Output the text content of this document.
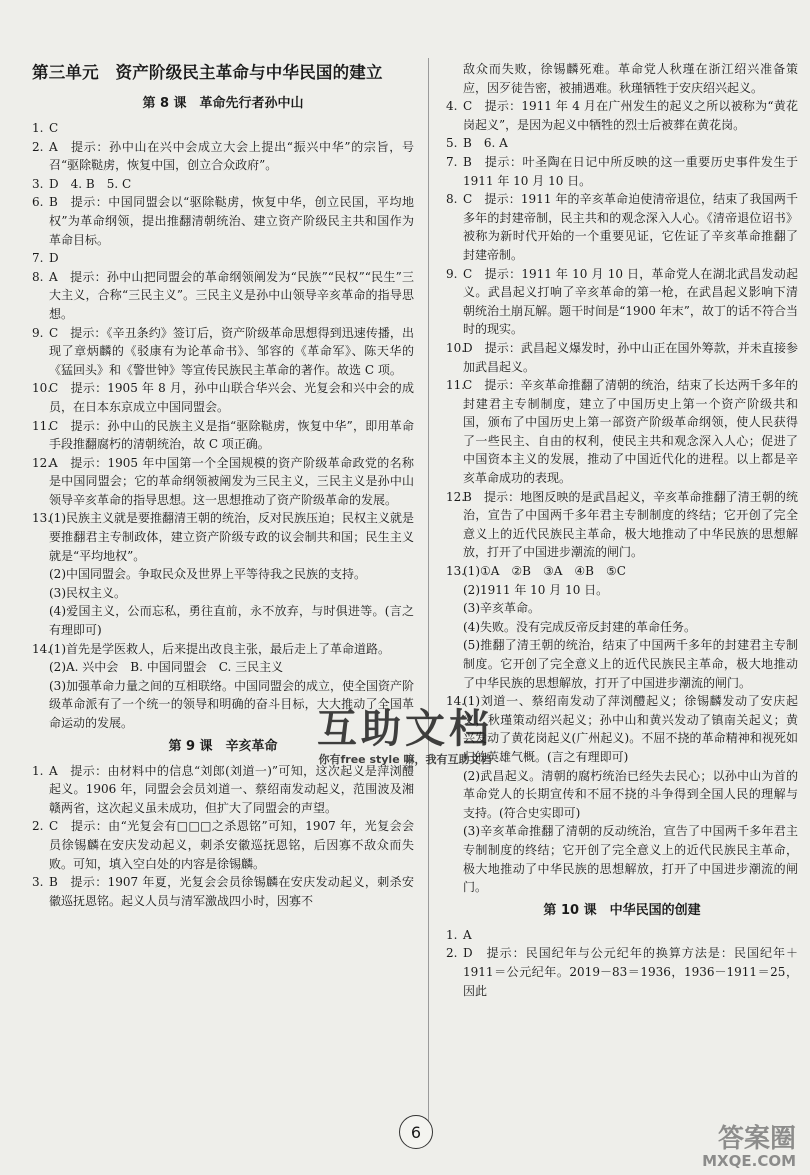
第三单元　资产阶级民主革命与中华民国的建立
第 8 课　革命先行者孙中山
1. C
2. A　提示：孙中山在兴中会成立大会上提出“振兴中华”的宗旨，号召“驱除鞑虏，恢复中国，创立合众政府”。
3. D　4. B　5. C
6. B　提示：中国同盟会以“驱除鞑虏，恢复中华，创立民国，平均地权”为革命纲领，提出推翻清朝统治、建立资产阶级民主共和国作为革命目标。
7. D
8. A　提示：孙中山把同盟会的革命纲领阐发为“民族”“民权”“民生”三大主义，合称“三民主义”。三民主义是孙中山领导辛亥革命的指导思想。
9. C　提示：《辛丑条约》签订后，资产阶级革命思想得到迅速传播，出现了章炳麟的《驳康有为论革命书》、邹容的《革命军》、陈天华的《猛回头》和《警世钟》等宣传民族民主革命的著作。故选 C 项。
10.
C　提示：1905 年 8 月，孙中山联合华兴会、光复会和兴中会的成员，在日本东京成立中国同盟会。
11.
C　提示：孙中山的民族主义是指“驱除鞑虏，恢复中华”，即用革命手段推翻腐朽的清朝统治，故 C 项正确。
12.
A　提示：1905 年中国第一个全国规模的资产阶级革命政党的名称是中国同盟会；它的革命纲领被阐发为三民主义，三民主义是孙中山领导辛亥革命的指导思想。这一思想推动了资产阶级革命的发展。
13.
(1)民族主义就是要推翻清王朝的统治，反对民族压迫；民权主义就是要推翻君主专制政体，建立资产阶级专政的议会制共和国；民生主义就是“平均地权”。
(2)中国同盟会。争取民众及世界上平等待我之民族的支持。
(3)民权主义。
(4)爱国主义，公而忘私，勇往直前，永不放弃，与时俱进等。(言之有理即可)
14.
(1)首先是学医救人，后来提出改良主张，最后走上了革命道路。
(2)A. 兴中会　B. 中国同盟会　C. 三民主义
(3)加强革命力量之间的互相联络。中国同盟会的成立，使全国资产阶级革命派有了一个统一的领导和明确的奋斗目标，大大推动了全国革命运动的发展。
第 9 课　辛亥革命
1. A　提示：由材料中的信息“刘郎(刘道一)”可知，这次起义是萍浏醴起义。1906 年，同盟会会员刘道一、蔡绍南发动起义，范围波及湘赣两省，这次起义虽未成功，但扩大了同盟会的声望。
2. C　提示：由“光复会有□□□之杀恩铭”可知，1907 年，光复会会员徐锡麟在安庆发动起义，刺杀安徽巡抚恩铭，后因寡不敌众而失败。可知，填入空白处的内容是徐锡麟。
3. B　提示：1907 年夏，光复会会员徐锡麟在安庆发动起义，刺杀安徽巡抚恩铭。起义人员与清军激战四小时，因寡不
敌众而失败，徐锡麟死难。革命党人秋瑾在浙江绍兴准备策应，因歹徒告密，被捕遇难。秋瑾牺牲于安庆绍兴起义。
4. C　提示：1911 年 4 月在广州发生的起义之所以被称为“黄花岗起义”，是因为起义中牺牲的烈士后被葬在黄花岗。
5. B　6. A
7. B　提示：叶圣陶在日记中所反映的这一重要历史事件发生于 1911 年 10 月 10 日。
8. C　提示：1911 年的辛亥革命迫使清帝退位，结束了我国两千多年的封建帝制，民主共和的观念深入人心。《清帝退位诏书》被称为新时代开始的一个重要见证，它佐证了辛亥革命推翻了封建帝制。
9. C　提示：1911 年 10 月 10 日，革命党人在湖北武昌发动起义。武昌起义打响了辛亥革命的第一枪，在武昌起义影响下清朝统治土崩瓦解。题干时间是“1900 年末”，故丁的话不符合当时的现实。
10.
D　提示：武昌起义爆发时，孙中山正在国外筹款，并未直接参加武昌起义。
11.
C　提示：辛亥革命推翻了清朝的统治，结束了长达两千多年的封建君主专制制度，建立了中国历史上第一个资产阶级共和国，颁布了中国历史上第一部资产阶级革命纲领，使人民获得了一些民主、自由的权利，使民主共和观念深入人心；促进了中国资本主义的发展，推动了中国近代化的进程。以上都是辛亥革命成功的表现。
12.
B　提示：地图反映的是武昌起义，辛亥革命推翻了清王朝的统治，宣告了中国两千多年君主专制制度的终结；它开创了完全意义上的近代民族民主革命，极大地推动了中华民族的思想解放，打开了中国进步潮流的闸门。
13.
(1)①A　②B　③A　④B　⑤C
(2)1911 年 10 月 10 日。
(3)辛亥革命。
(4)失败。没有完成反帝反封建的革命任务。
(5)推翻了清王朝的统治，结束了中国两千多年的封建君主专制制度。它开创了完全意义上的近代民族民主革命，极大地推动了中华民族的思想解放，打开了中国进步潮流的闸门。
14.
(1)刘道一、蔡绍南发动了萍浏醴起义；徐锡麟发动了安庆起义，秋瑾策动绍兴起义；孙中山和黄兴发动了镇南关起义；黄兴发动了黄花岗起义(广州起义)。不屈不挠的革命精神和视死如归的英雄气概。(言之有理即可)
(2)武昌起义。清朝的腐朽统治已经失去民心；以孙中山为首的革命党人的长期宣传和不屈不挠的斗争得到全国人民的理解与支持。(符合史实即可)
(3)辛亥革命推翻了清朝的反动统治，宣告了中国两千多年君主专制制度的终结；它开创了完全意义上的近代民族民主革命，极大地推动了中华民族的思想解放，打开了中国进步潮流的闸门。
第 10 课　中华民国的创建
1. A
2. D　提示：民国纪年与公元纪年的换算方法是：民国纪年＋1911＝公元纪年。2019－83＝1936，1936－1911＝25，因此
互助文档
你有free style 嘛，我有互助文档
6	答案圈
MXQE.COM
